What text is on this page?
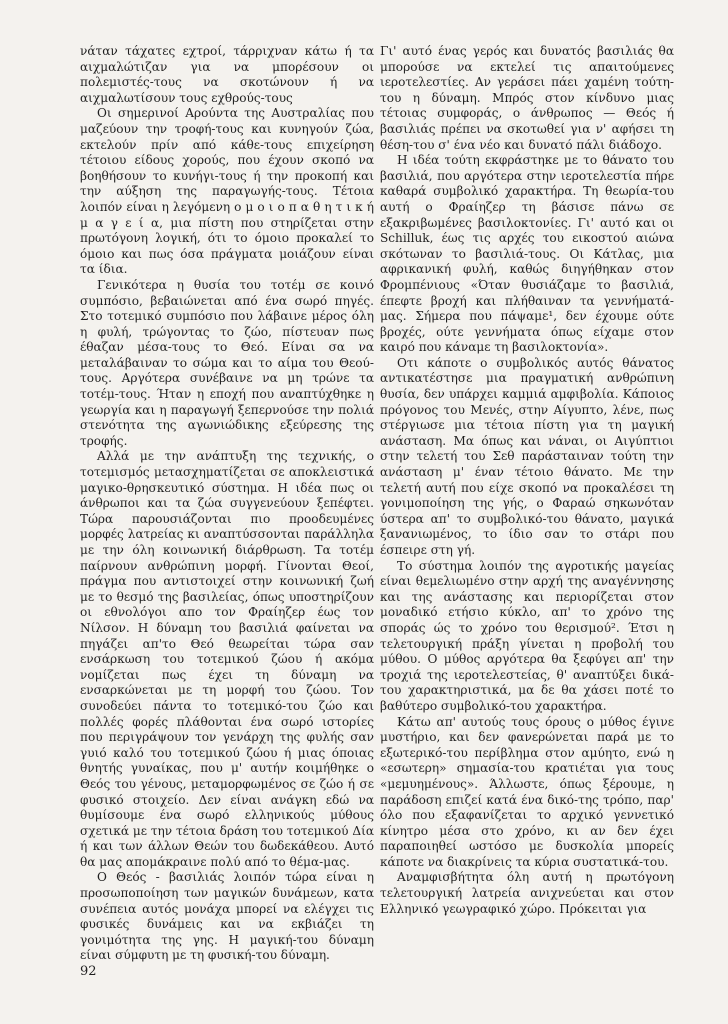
νάταν τάχατες εχτροί, τάρριχναν κάτω ή τα αιχμαλώτιζαν για να μπορέσουν οι πολεμιστές-τους να σκοτώνουν ή να αιχμαλωτίσουν τους εχθρούς-τους

Οι σημερινοί Αρούντα της Αυστραλίας που μαζεύουν την τροφή-τους και κυνηγούν ζώα, εκτελούν πρίν από κάθε-τους επιχείρηση τέτοιου είδους χορούς, που έχουν σκοπό να βοηθήσουν το κυνήγι-τους ή την προκοπή και την αύξηση της παραγωγής-τους. Τέτοια λοιπόν είναι η λεγόμενη ο μ ο ι ο π α θ η τ ι κ ή μ α γ ε ί α, μια πίστη που στηρίζεται στην πρωτόγονη λογική, ότι το όμοιο προκαλεί το όμοιο και πως όσα πράγματα μοιάζουν είναι τα ίδια.

Γενικότερα η θυσία του τοτέμ σε κοινό συμπόσιο, βεβαιώνεται από ένα σωρό πηγές. Στο τοτεμικό συμπόσιο που λάβαινε μέρος όλη η φυλή, τρώγοντας το ζώο, πίστευαν πως έθαζαν μέσα-τους το Θεό. Είναι σα να μεταλάβαιναν το σώμα και το αίμα του Θεού-τους. Αργότερα συνέβαινε να μη τρώνε τα τοτέμ-τους. Ήταν η εποχή που αναπτύχθηκε η γεωργία και η παραγωγή ξεπερνούσε την πολιά στενότητα της αγωνιώδικης εξεύρεσης της τροφής.

Αλλά με την ανάπτυξη της τεχνικής, ο τοτεμισμός μετασχηματίζεται σε αποκλειστικά μαγικο-θρησκευτικό σύστημα. Η ιδέα πως οι άνθρωποι και τα ζώα συγγενεύουν ξεπέφτει. Τώρα παρουσιάζονται πιο προοδευμένες μορφές λατρείας κι αναπτύσσονται παράλληλα με την όλη κοινωνική διάρθρωση. Τα τοτέμ παίρνουν ανθρώπινη μορφή. Γίνονται Θεοί, πράγμα που αντιστοιχεί στην κοινωνική ζωή με το θεσμό της βασιλείας, όπως υποστηρίζουν οι εθνολόγοι απο τον Φραίηζερ έως τον Νίλσον. Η δύναμη του βασιλιά φαίνεται να πηγάζει απ'το Θεό θεωρείται τώρα σαν ενσάρκωση του τοτεμικού ζώου ή ακόμα νομίζεται πως έχει τη δύναμη να ενσαρκώνεται με τη μορφή του ζώου. Τον συνοδεύει πάντα το τοτεμικό-του ζώο και πολλές φορές πλάθονται ένα σωρό ιστορίες που περιγράψουν τον γενάρχη της φυλής σαν γυιό καλό του τοτεμικού ζώου ή μιας όποιας θνητής γυναίκας, που μ' αυτήν κοιμήθηκε ο Θεός του γένους, μεταμορφωμένος σε ζώο ή σε φυσικό στοιχείο. Δεν είναι ανάγκη εδώ να θυμίσουμε ένα σωρό ελληνικούς μύθους σχετικά με την τέτοια δράση του τοτεμικού Δία ή και των άλλων Θεών του δωδεκάθεου. Αυτό θα μας απομάκραινε πολύ από το θέμα-μας.

Ο Θεός - βασιλιάς λοιπόν τώρα είναι η προσωποποίηση των μαγικών δυνάμεων, κατα συνέπεια αυτός μονάχα μπορεί να ελέγχει τις φυσικές δυνάμεις και να εκβιάζει τη γονιμότητα της γης. Η μαγική-του δύναμη είναι σύμφυτη με τη φυσική-του δύναμη.

Γι' αυτό ένας γερός και δυνατός βασιλιάς θα μπορούσε να εκτελεί τις απαιτούμενες ιεροτελεστίες. Αν γεράσει πάει χαμένη τούτη-του η δύναμη. Μπρός στον κίνδυνο μιας τέτοιας συμφοράς, ο άνθρωπος — Θεός ή βασιλιάς πρέπει να σκοτωθεί για ν' αφήσει τη θέση-του σ' ένα νέο και δυνατό πάλι διάδοχο.

Η ιδέα τούτη εκφράστηκε με το θάνατο του βασιλιά, που αργότερα στην ιεροτελεστία πήρε καθαρά συμβολικό χαρακτήρα. Τη θεωρία-του αυτή ο Φραίηζερ τη βάσισε πάνω σε εξακριβωμένες βασιλοκτονίες. Γι' αυτό και οι Schilluk, έως τις αρχές του εικοστού αιώνα σκότωναν το βασιλιά-τους. Οι Κάτλας, μια αφρικανική φυλή, καθώς διηγήθηκαν στον Φρομπένιους «Όταν θυσιάζαμε το βασιλιά, έπεφτε βροχή και πλήθαιναν τα γεννήματά-μας. Σήμερα που πάψαμε¹, δεν έχουμε ούτε βροχές, ούτε γεννήματα όπως είχαμε στον καιρό που κάναμε τη βασιλοκτονία».

Οτι κάποτε ο συμβολικός αυτός θάνατος αντικατέστησε μια πραγματική ανθρώπινη θυσία, δεν υπάρχει καμμιά αμφιβολία. Κάποιος πρόγονος του Μενές, στην Αίγυπτο, λένε, πως στέργιωσε μια τέτοια πίστη για τη μαγική ανάσταση. Μα όπως και νάναι, οι Αιγύπτιοι στην τελετή του Σεθ παράσταιναν τούτη την ανάσταση μ' έναν τέτοιο θάνατο. Με την τελετή αυτή που είχε σκοπό να προκαλέσει τη γονιμοποίηση της γής, ο Φαραώ σηκωνόταν ύστερα απ' το συμβολικό-του θάνατο, μαγικά ξανανιωμένος, το ίδιο σαν το στάρι που έσπειρε στη γή.

Το σύστημα λοιπόν της αγροτικής μαγείας είναι θεμελιωμένο στην αρχή της αναγέννησης και της ανάστασης και περιορίζεται στον μοναδικό ετήσιο κύκλο, απ' το χρόνο της σποράς ώς το χρόνο του θερισμού². Έτσι η τελετουργική πράξη γίνεται η προβολή του μύθου. Ο μύθος αργότερα θα ξεφύγει απ' την τροχιά της ιεροτελεστείας, θ' αναπτύξει δικά-του χαρακτηριστικά, μα δε θα χάσει ποτέ το βαθύτερο συμβολικό-του χαρακτήρα.

Κάτω απ' αυτούς τους όρους ο μύθος έγινε μυστήριο, και δεν φανερώνεται παρά με το εξωτερικό-του περίβλημα στον αμύητο, ενώ η «εσωτερη» σημασία-του κρατιέται για τους «μεμυημένους». Άλλωστε, όπως ξέρουμε, η παράδοση επιζεί κατά ένα δικό-της τρόπο, παρ' όλο που εξαφανίζεται το αρχικό γεννετικό κίνητρο μέσα στο χρόνο, κι αν δεν έχει παραποιηθεί ωστόσο με δυσκολία μπορείς κάποτε να διακρίνεις τα κύρια συστατικά-του.

Αναμφισβήτητα όλη αυτή η πρωτόγονη τελετουργική λατρεία ανιχνεύεται και στον Ελληνικό γεωγραφικό χώρο. Πρόκειται για

92
